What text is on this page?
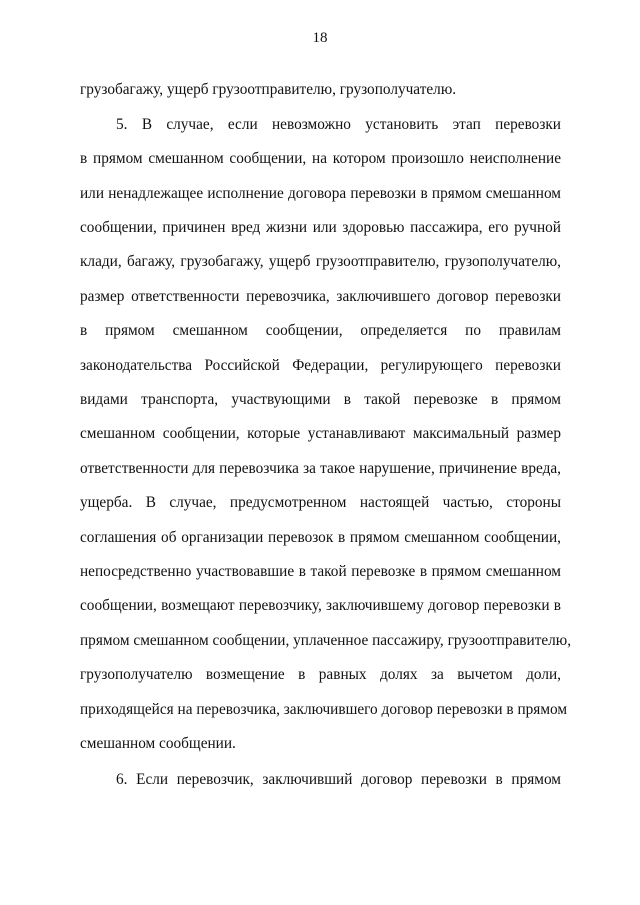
18
грузобагажу, ущерб грузоотправителю, грузополучателю.
5. В случае, если невозможно установить этап перевозки
в прямом смешанном сообщении, на котором произошло неисполнение
или ненадлежащее исполнение договора перевозки в прямом смешанном
сообщении, причинен вред жизни или здоровью пассажира, его ручной
клади, багажу, грузобагажу, ущерб грузоотправителю, грузополучателю,
размер ответственности перевозчика, заключившего договор перевозки
в прямом смешанном сообщении, определяется по правилам
законодательства Российской Федерации, регулирующего перевозки
видами транспорта, участвующими в такой перевозке в прямом
смешанном сообщении, которые устанавливают максимальный размер
ответственности для перевозчика за такое нарушение, причинение вреда,
ущерба. В случае, предусмотренном настоящей частью, стороны
соглашения об организации перевозок в прямом смешанном сообщении,
непосредственно участвовавшие в такой перевозке в прямом смешанном
сообщении, возмещают перевозчику, заключившему договор перевозки в
прямом смешанном сообщении, уплаченное пассажиру, грузоотправителю,
грузополучателю возмещение в равных долях за вычетом доли,
приходящейся на перевозчика, заключившего договор перевозки в прямом
смешанном сообщении.
6. Если перевозчик, заключивший договор перевозки в прямом
